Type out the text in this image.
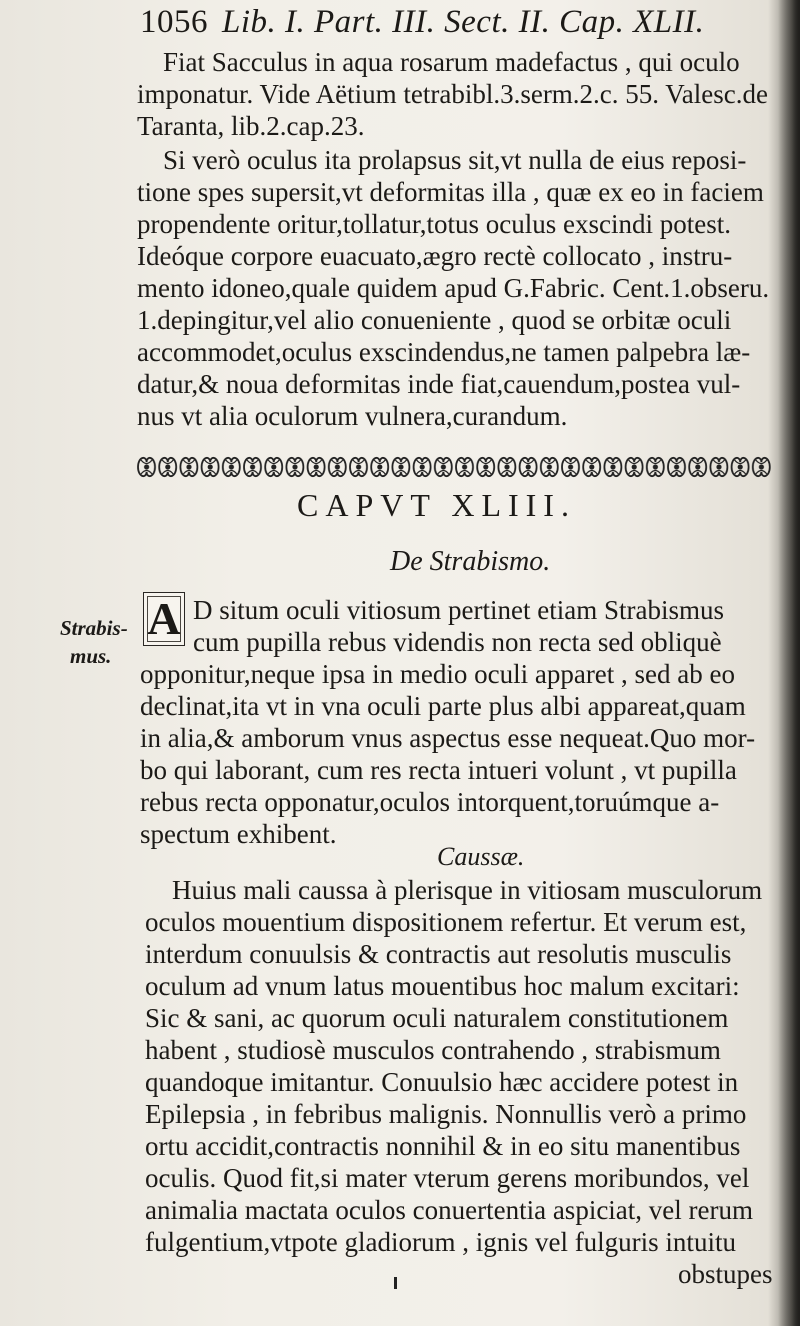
1056 Lib. I. Part. III. Sect. II. Cap. XLII.
Fiat Sacculus in aqua rosarum madefactus , qui oculo
imponatur. Vide Aëtium tetrabibl.3.serm.2.c. 55. Valesc.de
Taranta, lib.2.cap.23.
Si verò oculus ita prolapsus sit,vt nulla de eius reposi-
tione spes supersit,vt deformitas illa , quæ ex eo in faciem
propendente oritur,tollatur,totus oculus exscindi potest.
Ideóque corpore euacuato,ægro rectè collocato , instru-
mento idoneo,quale quidem apud G.Fabric. Cent.1.obseru.
1.depingitur,vel alio conueniente , quod se orbitæ oculi
accommodet,oculus exscindendus,ne tamen palpebra læ-
datur,& noua deformitas inde fiat,cauendum,postea vul-
nus vt alia oculorum vulnera,curandum.
CAPVT XLIII.
De Strabismo.
Strabis-
mus.
A D situm oculi vitiosum pertinet etiam Strabismus
cum pupilla rebus videndis non recta sed obliquè
opponitur,neque ipsa in medio oculi apparet , sed ab eo
declinat,ita vt in vna oculi parte plus albi appareat,quam
in alia,& amborum vnus aspectus esse nequeat.Quo mor-
bo qui laborant, cum res recta intueri volunt , vt pupilla
rebus recta opponatur,oculos intorquent,toruúmque a-
spectum exhibent.
Caussæ.
Huius mali caussa à plerisque in vitiosam musculorum
oculos mouentium dispositionem refertur. Et verum est,
interdum conuulsis & contractis aut resolutis musculis
oculum ad vnum latus mouentibus hoc malum excitari:
Sic & sani, ac quorum oculi naturalem constitutionem
habent , studiosè musculos contrahendo , strabismum
quandoque imitantur. Conuulsio hæc accidere potest in
Epilepsia , in febribus malignis. Nonnullis verò a primo
ortu accidit,contractis nonnihil & in eo situ manentibus
oculis. Quod fit,si mater vterum gerens moribundos, vel
animalia mactata oculos conuertentia aspiciat, vel rerum
fulgentium,vtpote gladiorum , ignis vel fulguris intuitu
obstupes
